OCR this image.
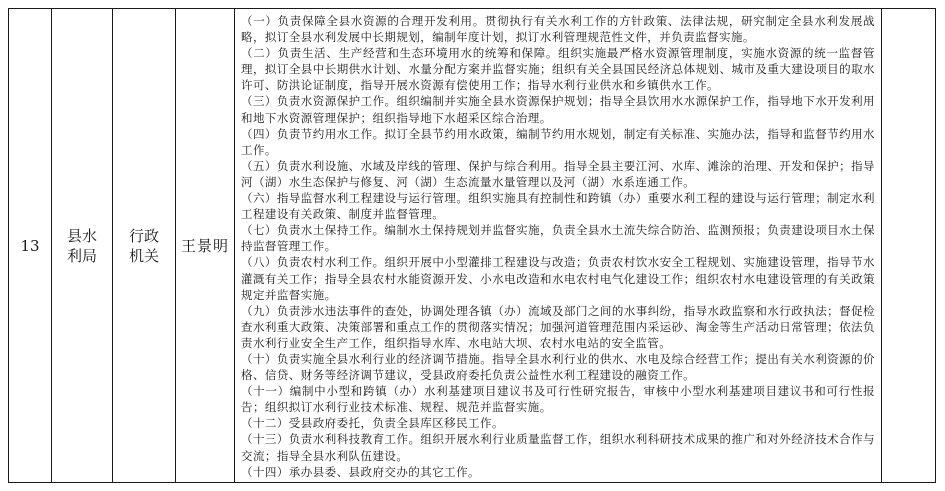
13
县水利局
行政机关
王景明

（一）负责保障全县水资源的合理开发利用。贯彻执行有关水利工作的方针政策、法律法规，研究制定全县水利发展战略，拟订全县水利发展中长期规划，编制年度计划，拟订水利管理规范性文件，并负责监督实施。

（二）负责生活、生产经营和生态环境用水的统筹和保障。组织实施最严格水资源管理制度，实施水资源的统一监督管理，拟订全县中长期供水计划、水量分配方案并监督实施；组织有关全县国民经济总体规划、城市及重大建设项目的取水许可、防洪论证制度，指导开展水资源有偿使用工作；指导水利行业供水和乡镇供水工作。

（三）负责水资源保护工作。组织编制并实施全县水资源保护规划；指导全县饮用水水源保护工作，指导地下水开发利用和地下水资源管理保护；组织指导地下水超采区综合治理。

（四）负责节约用水工作。拟订全县节约用水政策，编制节约用水规划，制定有关标准、实施办法，指导和监督节约用水工作。

（五）负责水利设施、水域及岸线的管理、保护与综合利用。指导全县主要江河、水库、滩涂的治理、开发和保护；指导河（湖）水生态保护与修复、河（湖）生态流量水量管理以及河（湖）水系连通工作。

（六）指导监督水利工程建设与运行管理。组织实施具有控制性和跨镇（办）重要水利工程的建设与运行管理；制定水利工程建设有关政策、制度并监督管理。

（七）负责水土保持工作。编制水土保持规划并监督实施，负责全县水土流失综合防治、监测预报；负责建设项目水土保持监督管理工作。

（八）负责农村水利工作。组织开展中小型灌排工程建设与改造；负责农村饮水安全工程规划、实施建设管理，指导节水灌溉有关工作；指导全县农村水能资源开发、小水电改造和水电农村电气化建设工作；组织农村水电建设管理的有关政策规定并监督实施。

（九）负责涉水违法事件的查处，协调处理各镇（办）流域及部门之间的水事纠纷，指导水政监察和水行政执法；督促检查水利重大政策、决策部署和重点工作的贯彻落实情况；加强河道管理范围内采运砂、淘金等生产活动日常管理；依法负责水利行业安全生产工作，组织指导水库、水电站大坝、农村水电站的安全监管。

（十）负责实施全县水利行业的经济调节措施。指导全县水利行业的供水、水电及综合经营工作；提出有关水利资源的价格、信贷、财务等经济调节建议，受县政府委托负责公益性水利工程建设的融资工作。

（十一）编制中小型和跨镇（办）水利基建项目建议书及可行性研究报告，审核中小型水利基建项目建议书和可行性报告；组织拟订水利行业技术标准、规程、规范并监督实施。

（十二）受县政府委托，负责全县库区移民工作。

（十三）负责水利科技教育工作。组织开展水利行业质量监督工作，组织水利科研技术成果的推广和对外经济技术合作与交流；指导全县水利队伍建设。

（十四）承办县委、县政府交办的其它工作。
